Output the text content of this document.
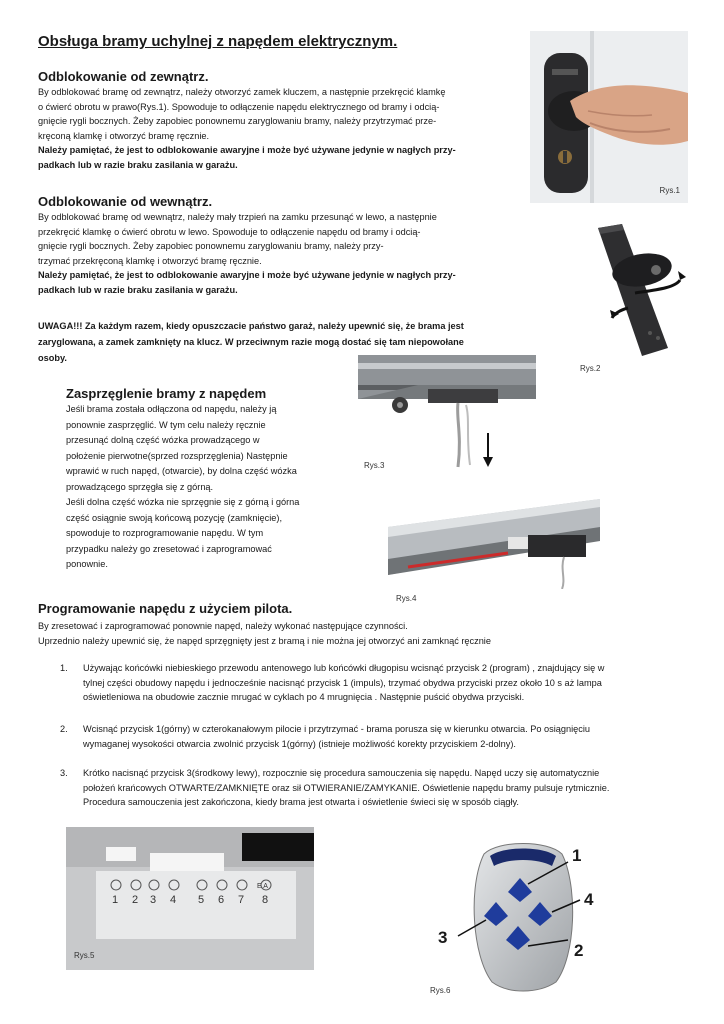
Obsługa bramy uchylnej z napędem elektrycznym.
Odblokowanie od zewnątrz.
By odblokować bramę od zewnątrz, należy otworzyć zamek kluczem, a następnie przekręcić klamkę
o ćwierć obrotu w prawo(Rys.1). Spowoduje to odłączenie napędu elektrycznego od bramy i odcią-
gnięcie rygli bocznych. Żeby zapobiec ponownemu zaryglowaniu bramy, należy przytrzymać prze-
kręconą klamkę i otworzyć bramę ręcznie.
Należy pamiętać, że jest to odblokowanie awaryjne i może być używane jedynie w nagłych przy-
padkach lub w razie braku zasilania w garażu.
Odblokowanie od wewnątrz.
By odblokować bramę od wewnątrz, należy mały trzpień na zamku przesunąć w lewo, a następnie
przekręcić klamkę o ćwierć obrotu w lewo. Spowoduje to odłączenie napędu od bramy i odcią-
gnięcie rygli bocznych. Żeby zapobiec ponownemu zaryglowaniu bramy, należy przy-
trzymać przekręconą klamkę i otworzyć bramę ręcznie.
Należy pamiętać, że jest to odblokowanie awaryjne i może być używane jedynie w nagłych przy-
padkach lub w razie braku zasilania w garażu.
UWAGA!!! Za każdym razem, kiedy opuszczacie państwo garaż, należy upewnić się, że brama jest
zaryglowana, a zamek zamknięty na klucz. W przeciwnym razie mogą dostać się tam niepowołane
osoby.
Zasprzęglenie bramy z napędem
Jeśli brama została odłączona od napędu, należy ją
ponownie zasprzęglić. W tym celu należy ręcznie
przesunąć dolną część wózka prowadzącego w
położenie pierwotne(sprzed rozsprzęglenia) Następnie
wprawić w ruch napęd, (otwarcie), by dolna część wózka
prowadzącego sprzęgła się z górną.
Jeśli dolna część wózka nie sprzęgnie się z górną i górna
część osiągnie swoją końcową pozycję (zamknięcie),
spowoduje to rozprogramowanie napędu. W tym
przypadku należy go zresetować i zaprogramować
ponownie.
Programowanie napędu z użyciem pilota.
By zresetować i zaprogramować ponownie napęd, należy wykonać następujące czynności.
Uprzednio należy upewnić się, że napęd sprzęgnięty jest z bramą i nie można jej otworzyć ani zamknąć ręcznie
1. Używając końcówki niebieskiego przewodu antenowego lub końcówki długopisu wcisnąć przycisk 2 (program) , znajdujący się w
tylnej części obudowy napędu i jednocześnie nacisnąć przycisk 1 (impuls), trzymać obydwa przyciski przez około 10 s aż lampa
oświetleniowa na obudowie zacznie mrugać w cyklach po 4 mrugnięcia . Następnie puścić obydwa przyciski.
2. Wcisnąć przycisk 1(górny) w czterokanałowym pilocie i przytrzymać - brama porusza się w kierunku otwarcia. Po osiągnięciu
wymaganej wysokości otwarcia zwolnić przycisk 1(górny) (istnieje możliwość korekty przyciskiem 2-dolny).
3. Krótko nacisnąć przycisk 3(środkowy lewy), rozpocznie się procedura samouczenia się napędu. Napęd uczy się automatycznie
położeń krańcowych OTWARTE/ZAMKNIĘTE oraz sił OTWIERANIE/ZAMYKANIE. Oświetlenie napędu bramy pulsuje rytmicznie.
Procedura samouczenia jest zakończona, kiedy brama jest otwarta i oświetlenie świeci się w sposób ciągły.
Rys.1
Rys.2
Rys.3
Rys.4
1 2 3 4 5 6 7 8
E A
Rys.5
1
2
3
4
Rys.6
